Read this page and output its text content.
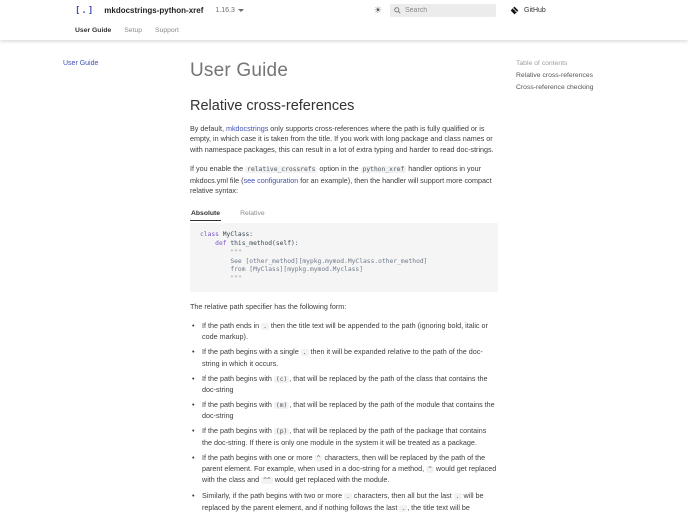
[.] mkdocstrings-python-xref 1.16.3	☀
Search	GitHub
User Guide Setup Support
User Guide	User Guide
Relative cross-references

By default, mkdocstrings only supports cross-references where the path is fully qualified or is empty, in which case it is taken from the title. If you work with long package and class names or with namespace packages, this can result in a lot of extra typing and harder to read doc-strings.

If you enable the relative_crossrefs option in the python_xref handler options in your mkdocs.yml file (see configuration for an example), then the handler will support more compact relative syntax:

Absolute	Relative
class MyClass:
def this_method(self):
"""
See [other_method][mypkg.mymod.MyClass.other_method]
from [MyClass][mypkg.mymod.Myclass]
"""

The relative path specifier has the following form:

• If the path ends in . then the title text will be appended to the path (ignoring bold, italic or code markup).
• If the path begins with a single . then it will be expanded relative to the path of the doc-string in which it occurs.
• If the path begins with (c) , that will be replaced by the path of the class that contains the doc-string
• If the path begins with (m) , that will be replaced by the path of the module that contains the doc-string
• If the path begins with (p) , that will be replaced by the path of the package that contains the doc-string. If there is only one module in the system it will be treated as a package.
• If the path begins with one or more ^ characters, then will be replaced by the path of the parent element. For example, when used in a doc-string for a method, ^ would get replaced with the class and ^^ would get replaced with the module.
• Similarly, if the path begins with two or more . characters, then all but the last . will be replaced by the parent element, and if nothing follows the last . , the title text will be
Table of contents
Relative cross-references
Cross-reference checking
